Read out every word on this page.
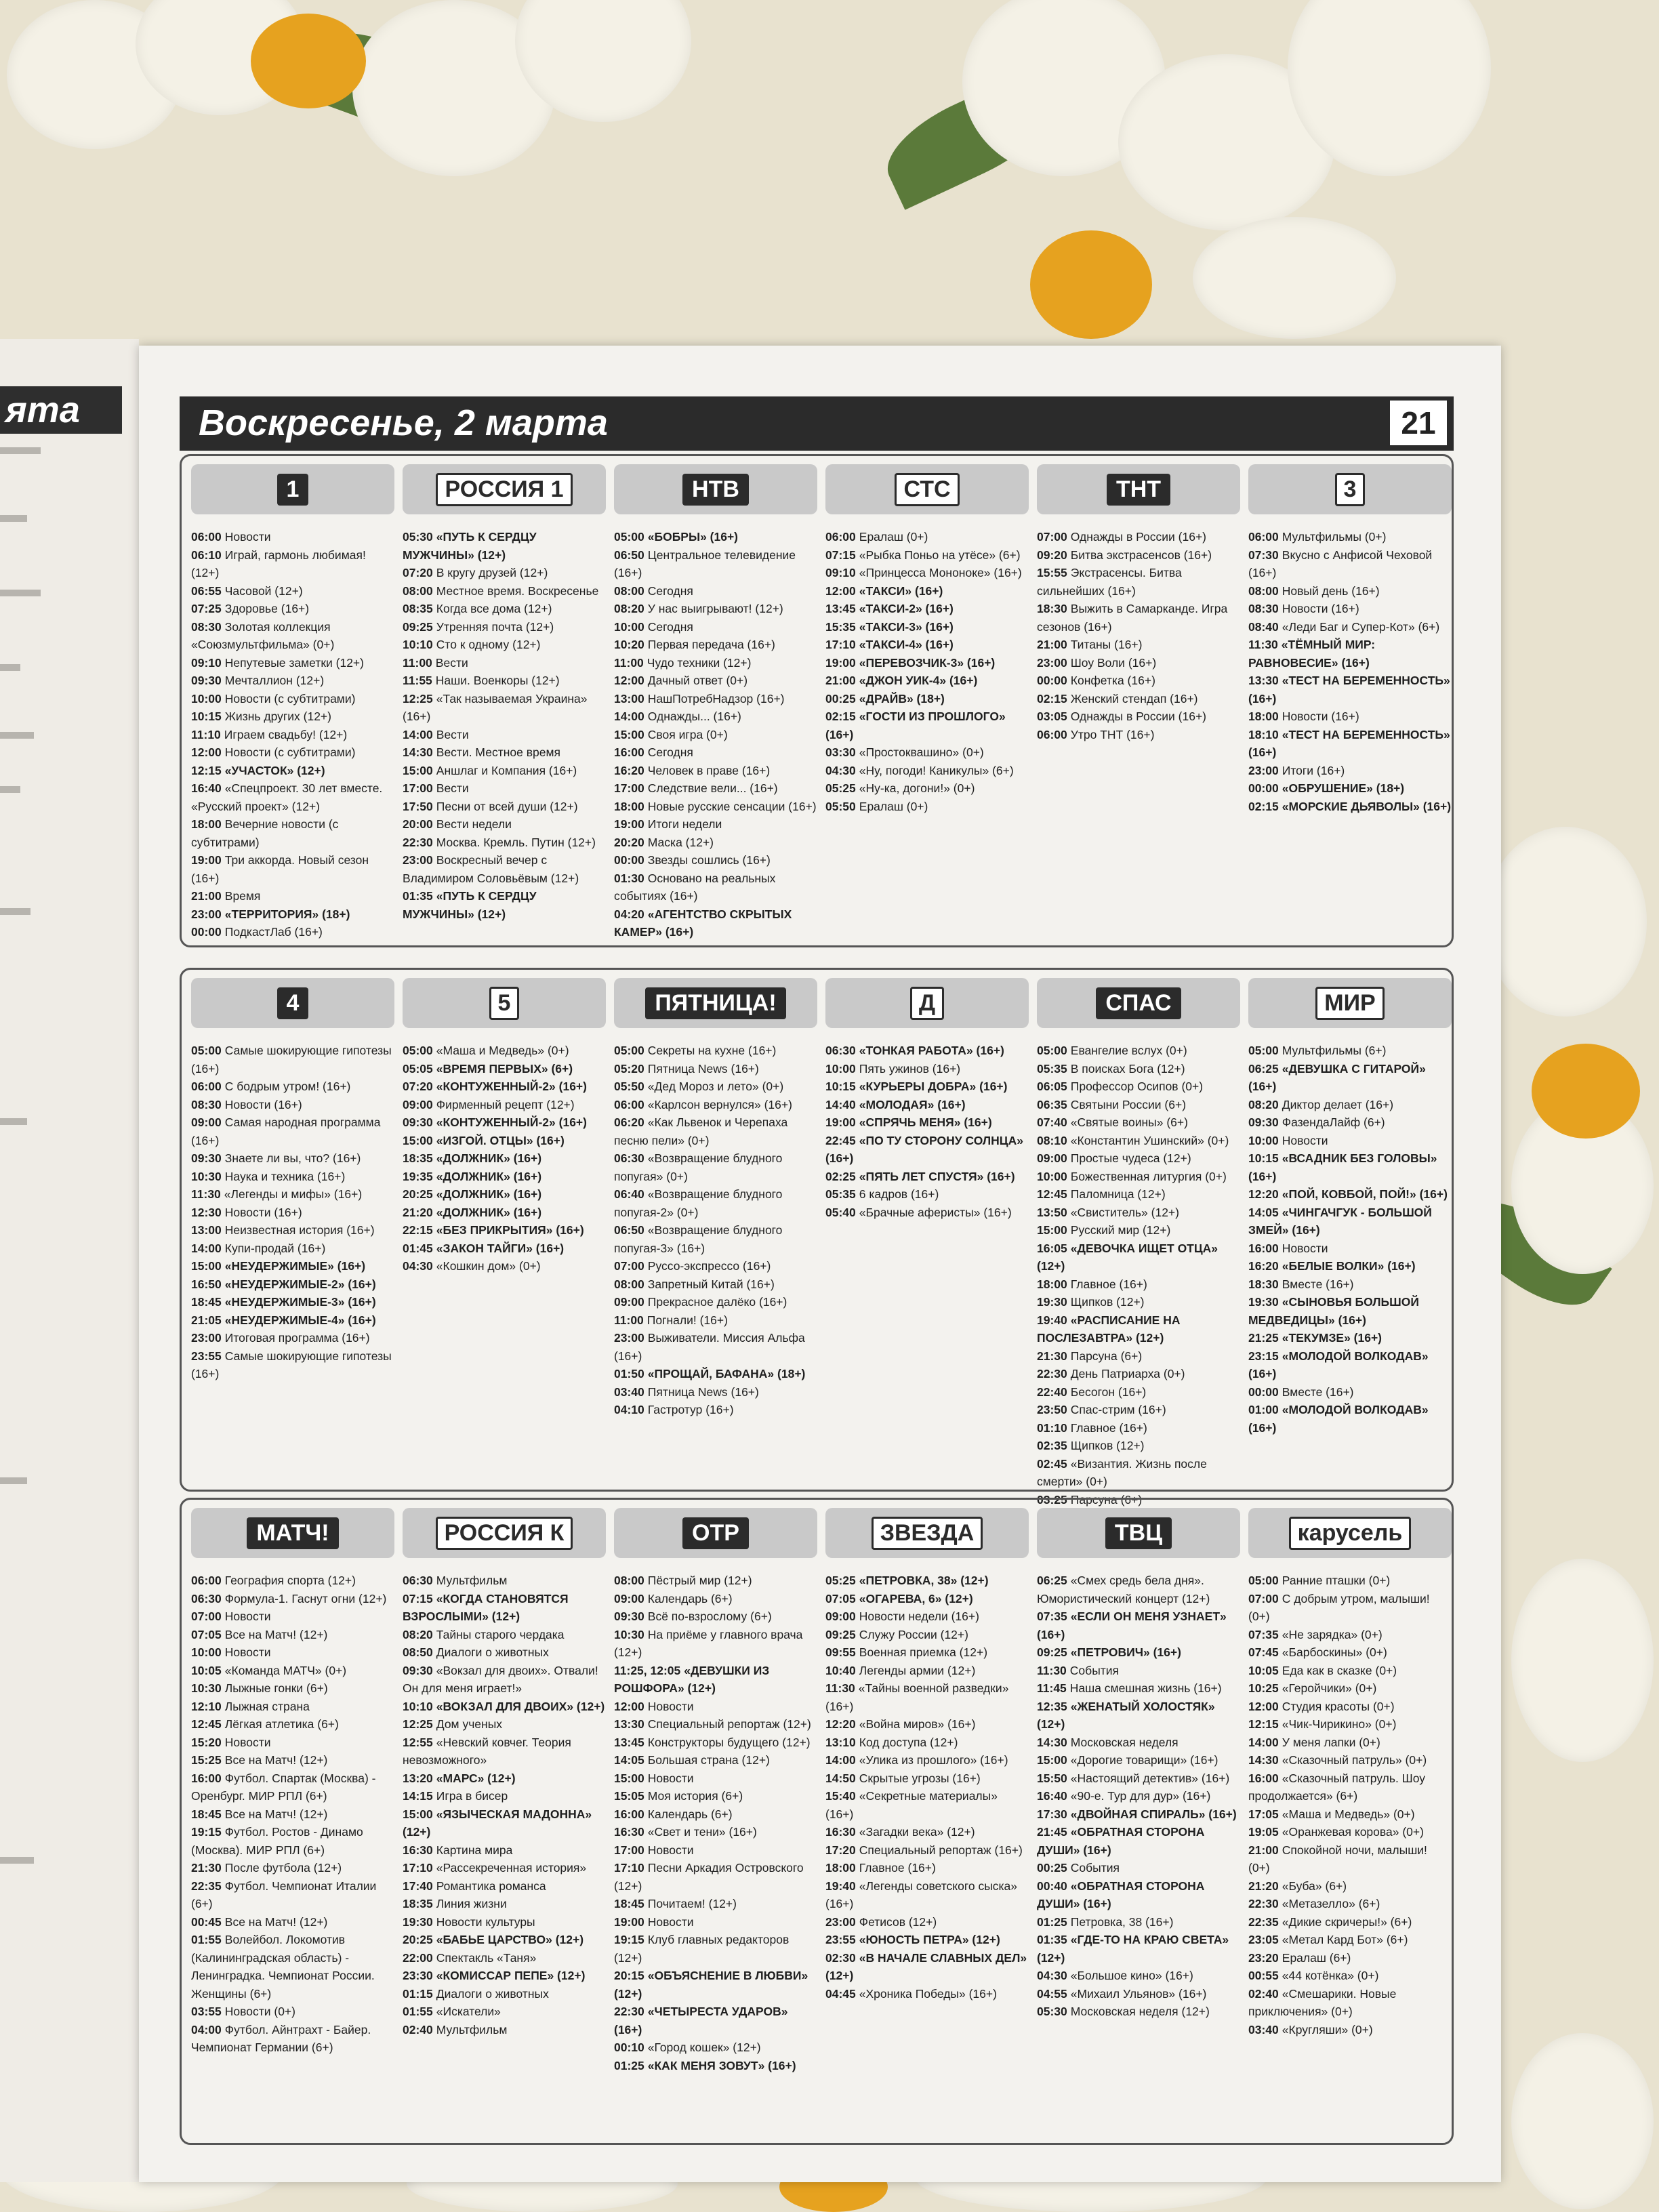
ята	Воскресенье, 2 марта	21
1
06:00 Новости
06:10 Играй, гармонь любимая! (12+)
06:55 Часовой (12+)
07:25 Здоровье (16+)
08:30 Золотая коллекция «Союзмультфильма» (0+)
09:10 Непутевые заметки (12+)
09:30 Мечталлион (12+)
10:00 Новости (с субтитрами)
10:15 Жизнь других (12+)
11:10 Играем свадьбу! (12+)
12:00 Новости (с субтитрами)
12:15 «УЧАСТОК» (12+)
16:40 «Спецпроект. 30 лет вместе. «Русский проект» (12+)
18:00 Вечерние новости (с субтитрами)
19:00 Три аккорда. Новый сезон (16+)
21:00 Время
23:00 «ТЕРРИТОРИЯ» (18+)
00:00 ПодкастЛаб (16+)
РОССИЯ 1
05:30 «ПУТЬ К СЕРДЦУ МУЖЧИНЫ» (12+)
07:20 В кругу друзей (12+)
08:00 Местное время. Воскресенье
08:35 Когда все дома (12+)
09:25 Утренняя почта (12+)
10:10 Сто к одному (12+)
11:00 Вести
11:55 Наши. Военкоры (12+)
12:25 «Так называемая Украина» (16+)
14:00 Вести
14:30 Вести. Местное время
15:00 Аншлаг и Компания (16+)
17:00 Вести
17:50 Песни от всей души (12+)
20:00 Вести недели
22:30 Москва. Кремль. Путин (12+)
23:00 Воскресный вечер с Владимиром Соловьёвым (12+)
01:35 «ПУТЬ К СЕРДЦУ МУЖЧИНЫ» (12+)
НТВ
05:00 «БОБРЫ» (16+)
06:50 Центральное телевидение (16+)
08:00 Сегодня
08:20 У нас выигрывают! (12+)
10:00 Сегодня
10:20 Первая передача (16+)
11:00 Чудо техники (12+)
12:00 Дачный ответ (0+)
13:00 НашПотребНадзор (16+)
14:00 Однажды... (16+)
15:00 Своя игра (0+)
16:00 Сегодня
16:20 Человек в праве (16+)
17:00 Следствие вели... (16+)
18:00 Новые русские сенсации (16+)
19:00 Итоги недели
20:20 Маска (12+)
00:00 Звезды сошлись (16+)
01:30 Основано на реальных событиях (16+)
04:20 «АГЕНТСТВО СКРЫТЫХ КАМЕР» (16+)
СТС
06:00 Ералаш (0+)
07:15 «Рыбка Поньо на утёсе» (6+)
09:10 «Принцесса Мононоке» (16+)
12:00 «ТАКСИ» (16+)
13:45 «ТАКСИ-2» (16+)
15:35 «ТАКСИ-3» (16+)
17:10 «ТАКСИ-4» (16+)
19:00 «ПЕРЕВОЗЧИК-3» (16+)
21:00 «ДЖОН УИК-4» (16+)
00:25 «ДРАЙВ» (18+)
02:15 «ГОСТИ ИЗ ПРОШЛОГО» (16+)
03:30 «Простоквашино» (0+)
04:30 «Ну, погоди! Каникулы» (6+)
05:25 «Ну-ка, догони!» (0+)
05:50 Ералаш (0+)
ТНТ
07:00 Однажды в России (16+)
09:20 Битва экстрасенсов (16+)
15:55 Экстрасенсы. Битва сильнейших (16+)
18:30 Выжить в Самарканде. Игра сезонов (16+)
21:00 Титаны (16+)
23:00 Шоу Воли (16+)
00:00 Конфетка (16+)
02:15 Женский стендап (16+)
03:05 Однажды в России (16+)
06:00 Утро ТНТ (16+)
3
06:00 Мультфильмы (0+)
07:30 Вкусно с Анфисой Чеховой (16+)
08:00 Новый день (16+)
08:30 Новости (16+)
08:40 «Леди Баг и Супер-Кот» (6+)
11:30 «ТЁМНЫЙ МИР: РАВНОВЕСИЕ» (16+)
13:30 «ТЕСТ НА БЕРЕМЕННОСТЬ» (16+)
18:00 Новости (16+)
18:10 «ТЕСТ НА БЕРЕМЕННОСТЬ» (16+)
23:00 Итоги (16+)
00:00 «ОБРУШЕНИЕ» (18+)
02:15 «МОРСКИЕ ДЬЯВОЛЫ» (16+)
4
05:00 Самые шокирующие гипотезы (16+)
06:00 С бодрым утром! (16+)
08:30 Новости (16+)
09:00 Самая народная программа (16+)
09:30 Знаете ли вы, что? (16+)
10:30 Наука и техника (16+)
11:30 «Легенды и мифы» (16+)
12:30 Новости (16+)
13:00 Неизвестная история (16+)
14:00 Купи-продай (16+)
15:00 «НЕУДЕРЖИМЫЕ» (16+)
16:50 «НЕУДЕРЖИМЫЕ-2» (16+)
18:45 «НЕУДЕРЖИМЫЕ-3» (16+)
21:05 «НЕУДЕРЖИМЫЕ-4» (16+)
23:00 Итоговая программа (16+)
23:55 Самые шокирующие гипотезы (16+)
5
05:00 «Маша и Медведь» (0+)
05:05 «ВРЕМЯ ПЕРВЫХ» (6+)
07:20 «КОНТУЖЕННЫЙ-2» (16+)
09:00 Фирменный рецепт (12+)
09:30 «КОНТУЖЕННЫЙ-2» (16+)
15:00 «ИЗГОЙ. ОТЦЫ» (16+)
18:35 «ДОЛЖНИК» (16+)
19:35 «ДОЛЖНИК» (16+)
20:25 «ДОЛЖНИК» (16+)
21:20 «ДОЛЖНИК» (16+)
22:15 «БЕЗ ПРИКРЫТИЯ» (16+)
01:45 «ЗАКОН ТАЙГИ» (16+)
04:30 «Кошкин дом» (0+)
ПЯТНИЦА!
05:00 Секреты на кухне (16+)
05:20 Пятница News (16+)
05:50 «Дед Мороз и лето» (0+)
06:00 «Карлсон вернулся» (16+)
06:20 «Как Львенок и Черепаха песню пели» (0+)
06:30 «Возвращение блудного попугая» (0+)
06:40 «Возвращение блудного попугая-2» (0+)
06:50 «Возвращение блудного попугая-3» (16+)
07:00 Руссо-экспрессо (16+)
08:00 Запретный Китай (16+)
09:00 Прекрасное далёко (16+)
11:00 Погнали! (16+)
23:00 Выживатели. Миссия Альфа (16+)
01:50 «ПРОЩАЙ, БАФАНА» (18+)
03:40 Пятница News (16+)
04:10 Гастротур (16+)
Д
06:30 «ТОНКАЯ РАБОТА» (16+)
10:00 Пять ужинов (16+)
10:15 «КУРЬЕРЫ ДОБРА» (16+)
14:40 «МОЛОДАЯ» (16+)
19:00 «СПРЯЧЬ МЕНЯ» (16+)
22:45 «ПО ТУ СТОРОНУ СОЛНЦА» (16+)
02:25 «ПЯТЬ ЛЕТ СПУСТЯ» (16+)
05:35 6 кадров (16+)
05:40 «Брачные аферисты» (16+)
СПАС
05:00 Евангелие вслух (0+)
05:35 В поисках Бога (12+)
06:05 Профессор Осипов (0+)
06:35 Святыни России (6+)
07:40 «Святые воины» (6+)
08:10 «Константин Ушинский» (0+)
09:00 Простые чудеса (12+)
10:00 Божественная литургия (0+)
12:45 Паломница (12+)
13:50 «Свиститель» (12+)
15:00 Русский мир (12+)
16:05 «ДЕВОЧКА ИЩЕТ ОТЦА» (12+)
18:00 Главное (16+)
19:30 Щипков (12+)
19:40 «РАСПИСАНИЕ НА ПОСЛЕЗАВТРА» (12+)
21:30 Парсуна (6+)
22:30 День Патриарха (0+)
22:40 Бесогон (16+)
23:50 Спас-стрим (16+)
01:10 Главное (16+)
02:35 Щипков (12+)
02:45 «Византия. Жизнь после смерти» (0+)
03:25 Парсуна (6+)
МИР
05:00 Мультфильмы (6+)
06:25 «ДЕВУШКА С ГИТАРОЙ» (16+)
08:20 Диктор делает (16+)
09:30 ФазендаЛайф (6+)
10:00 Новости
10:15 «ВСАДНИК БЕЗ ГОЛОВЫ» (16+)
12:20 «ПОЙ, КОВБОЙ, ПОЙ!» (16+)
14:05 «ЧИНГАЧГУК - БОЛЬШОЙ ЗМЕЙ» (16+)
16:00 Новости
16:20 «БЕЛЫЕ ВОЛКИ» (16+)
18:30 Вместе (16+)
19:30 «СЫНОВЬЯ БОЛЬШОЙ МЕДВЕДИЦЫ» (16+)
21:25 «ТЕКУМЗЕ» (16+)
23:15 «МОЛОДОЙ ВОЛКОДАВ» (16+)
00:00 Вместе (16+)
01:00 «МОЛОДОЙ ВОЛКОДАВ» (16+)
МАТЧ!
06:00 География спорта (12+)
06:30 Формула-1. Гаснут огни (12+)
07:00 Новости
07:05 Все на Матч! (12+)
10:00 Новости
10:05 «Команда МАТЧ» (0+)
10:30 Лыжные гонки (6+)
12:10 Лыжная страна
12:45 Лёгкая атлетика (6+)
15:20 Новости
15:25 Все на Матч! (12+)
16:00 Футбол. Спартак (Москва) - Оренбург. МИР РПЛ (6+)
18:45 Все на Матч! (12+)
19:15 Футбол. Ростов - Динамо (Москва). МИР РПЛ (6+)
21:30 После футбола (12+)
22:35 Футбол. Чемпионат Италии (6+)
00:45 Все на Матч! (12+)
01:55 Волейбол. Локомотив (Калининградская область) - Ленинградка. Чемпионат России. Женщины (6+)
03:55 Новости (0+)
04:00 Футбол. Айнтрахт - Байер. Чемпионат Германии (6+)
РОССИЯ К
06:30 Мультфильм
07:15 «КОГДА СТАНОВЯТСЯ ВЗРОСЛЫМИ» (12+)
08:20 Тайны старого чердака
08:50 Диалоги о животных
09:30 «Вокзал для двоих». Отвали! Он для меня играет!»
10:10 «ВОКЗАЛ ДЛЯ ДВОИХ» (12+)
12:25 Дом ученых
12:55 «Невский ковчег. Теория невозможного»
13:20 «МАРС» (12+)
14:15 Игра в бисер
15:00 «ЯЗЫЧЕСКАЯ МАДОННА» (12+)
16:30 Картина мира
17:10 «Рассекреченная история»
17:40 Романтика романса
18:35 Линия жизни
19:30 Новости культуры
20:25 «БАБЬЕ ЦАРСТВО» (12+)
22:00 Спектакль «Таня»
23:30 «КОМИССАР ПЕПЕ» (12+)
01:15 Диалоги о животных
01:55 «Искатели»
02:40 Мультфильм
ОТР
08:00 Пёстрый мир (12+)
09:00 Календарь (6+)
09:30 Всё по-взрослому (6+)
10:30 На приёме у главного врача (12+)
11:25, 12:05 «ДЕВУШКИ ИЗ РОШФОРА» (12+)
12:00 Новости
13:30 Специальный репортаж (12+)
13:45 Конструкторы будущего (12+)
14:05 Большая страна (12+)
15:00 Новости
15:05 Моя история (6+)
16:00 Календарь (6+)
16:30 «Свет и тени» (16+)
17:00 Новости
17:10 Песни Аркадия Островского (12+)
18:45 Почитаем! (12+)
19:00 Новости
19:15 Клуб главных редакторов (12+)
20:15 «ОБЪЯСНЕНИЕ В ЛЮБВИ» (12+)
22:30 «ЧЕТЫРЕСТА УДАРОВ» (16+)
00:10 «Город кошек» (12+)
01:25 «КАК МЕНЯ ЗОВУТ» (16+)
ЗВЕЗДА
05:25 «ПЕТРОВКА, 38» (12+)
07:05 «ОГАРЕВА, 6» (12+)
09:00 Новости недели (16+)
09:25 Служу России (12+)
09:55 Военная приемка (12+)
10:40 Легенды армии (12+)
11:30 «Тайны военной разведки» (16+)
12:20 «Война миров» (16+)
13:10 Код доступа (12+)
14:00 «Улика из прошлого» (16+)
14:50 Скрытые угрозы (16+)
15:40 «Секретные материалы» (16+)
16:30 «Загадки века» (12+)
17:20 Специальный репортаж (16+)
18:00 Главное (16+)
19:40 «Легенды советского сыска» (16+)
23:00 Фетисов (12+)
23:55 «ЮНОСТЬ ПЕТРА» (12+)
02:30 «В НАЧАЛЕ СЛАВНЫХ ДЕЛ» (12+)
04:45 «Хроника Победы» (16+)
ТВЦ
06:25 «Смех средь бела дня». Юмористический концерт (12+)
07:35 «ЕСЛИ ОН МЕНЯ УЗНАЕТ» (16+)
09:25 «ПЕТРОВИЧ» (16+)
11:30 События
11:45 Наша смешная жизнь (16+)
12:35 «ЖЕНАТЫЙ ХОЛОСТЯК» (12+)
14:30 Московская неделя
15:00 «Дорогие товарищи» (16+)
15:50 «Настоящий детектив» (16+)
16:40 «90-е. Тур для дур» (16+)
17:30 «ДВОЙНАЯ СПИРАЛЬ» (16+)
21:45 «ОБРАТНАЯ СТОРОНА ДУШИ» (16+)
00:25 События
00:40 «ОБРАТНАЯ СТОРОНА ДУШИ» (16+)
01:25 Петровка, 38 (16+)
01:35 «ГДЕ-ТО НА КРАЮ СВЕТА» (12+)
04:30 «Большое кино» (16+)
04:55 «Михаил Ульянов» (16+)
05:30 Московская неделя (12+)
карусель
05:00 Ранние пташки (0+)
07:00 С добрым утром, малыши! (0+)
07:35 «Не зарядка» (0+)
07:45 «Барбоскины» (0+)
10:05 Еда как в сказке (0+)
10:25 «Геройчики» (0+)
12:00 Студия красоты (0+)
12:15 «Чик-Чирикино» (0+)
14:00 У меня лапки (0+)
14:30 «Сказочный патруль» (0+)
16:00 «Сказочный патруль. Шоу продолжается» (6+)
17:05 «Маша и Медведь» (0+)
19:05 «Оранжевая корова» (0+)
21:00 Спокойной ночи, малыши! (0+)
21:20 «Буба» (6+)
22:30 «Метазелло» (6+)
22:35 «Дикие скричеры!» (6+)
23:05 «Метал Кард Бот» (6+)
23:20 Ералаш (6+)
00:55 «44 котёнка» (0+)
02:40 «Смешарики. Новые приключения» (0+)
03:40 «Кругляши» (0+)
